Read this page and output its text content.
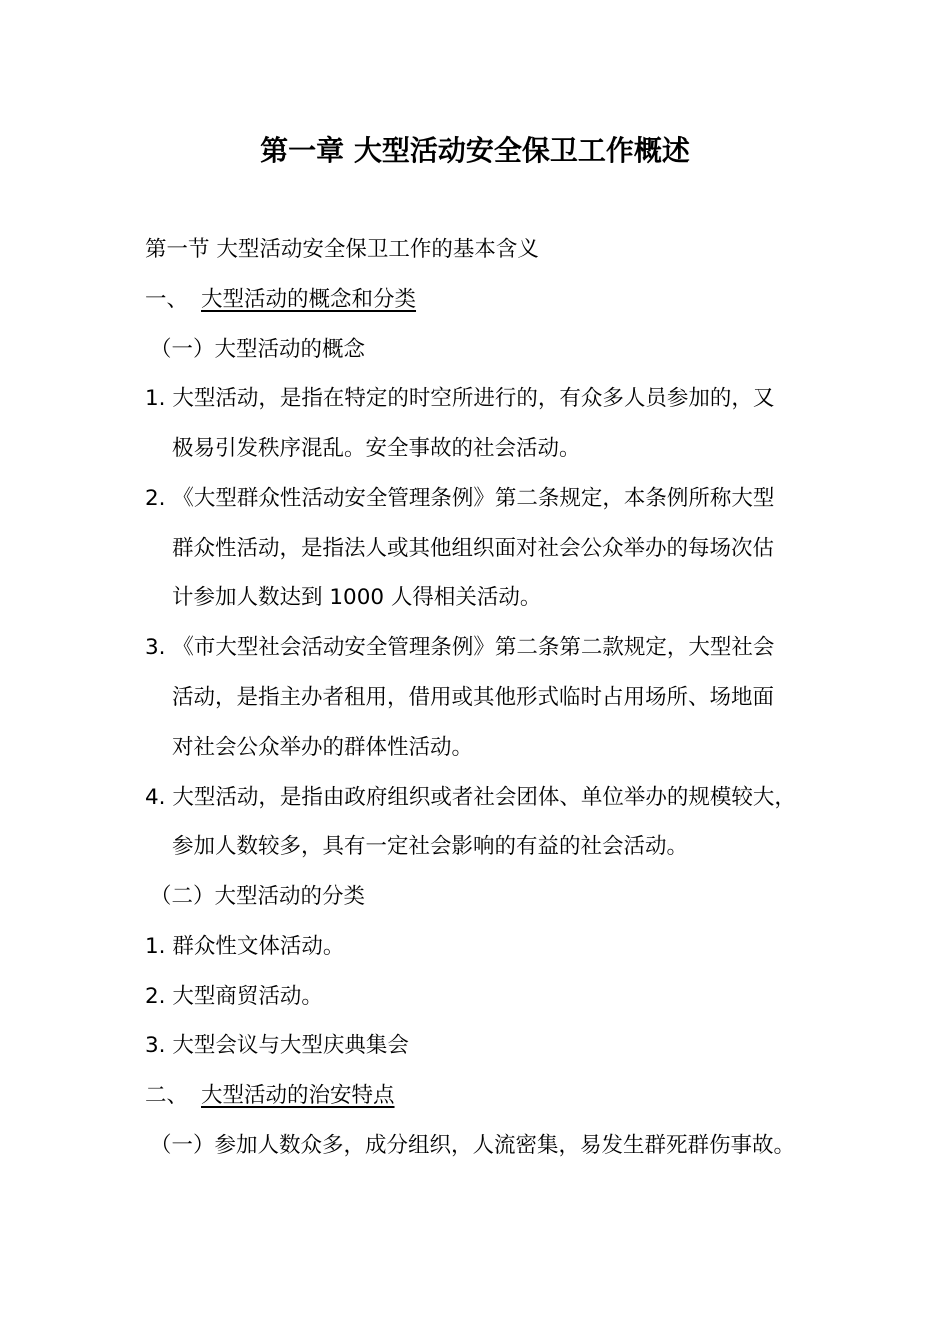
第一章 大型活动安全保卫工作概述
第一节 大型活动安全保卫工作的基本含义
一、 大型活动的概念和分类
（一）大型活动的概念
1. 大型活动，是指在特定的时空所进行的，有众多人员参加的，又
极易引发秩序混乱。安全事故的社会活动。
2. 《大型群众性活动安全管理条例》第二条规定，本条例所称大型
群众性活动，是指法人或其他组织面对社会公众举办的每场次估
计参加人数达到 1000 人得相关活动。
3. 《市大型社会活动安全管理条例》第二条第二款规定，大型社会
活动，是指主办者租用，借用或其他形式临时占用场所、场地面
对社会公众举办的群体性活动。
4. 大型活动，是指由政府组织或者社会团体、单位举办的规模较大，
参加人数较多，具有一定社会影响的有益的社会活动。
（二）大型活动的分类
1. 群众性文体活动。
2. 大型商贸活动。
3. 大型会议与大型庆典集会
二、 大型活动的治安特点
（一）参加人数众多，成分组织，人流密集，易发生群死群伤事故。
